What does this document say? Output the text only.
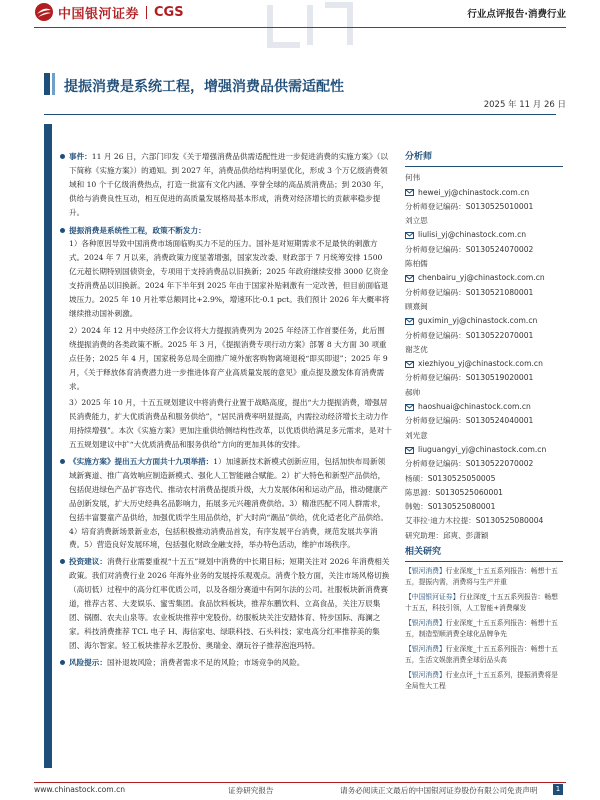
中国银河证券 CGS	行业点评报告·消费行业
提振消费是系统工程，增强消费品供需适配性
2025 年 11 月 26 日
事件：11 月 26 日，六部门印发《关于增强消费品供需适配性进一步促进消费的实施方案》（以下简称《实施方案》）的通知。到 2027 年，消费品供给结构明显优化，形成 3 个万亿级消费领域和 10 个千亿级消费热点，打造一批富有文化内涵、享誉全球的高品质消费品；到 2030 年，供给与消费良性互动，相互促进的高质量发展格局基本形成，消费对经济增长的贡献率稳步提升。
提振消费是系统性工程，政策不断发力：

1）各种原因导致中国消费市场面临购买力不足的压力。国补是对短期需求不足最快的刺激方式。2024 年 7 月以来，消费政策力度显著增强，国家发改委、财政部于 7 月统筹安排 1500 亿元超长期特别国债资金，专项用于支持消费品以旧换新；2025 年政府继续安排 3000 亿资金支持消费品以旧换新。2024 年下半年到 2025 年由于国家补贴刺激有一定改善，但目前面临退坡压力。2025 年 10 月社零总额同比+2.9%，增速环比-0.1 pct。我们预计 2026 年大概率将继续推动国补刺激。

2）2024 年 12 月中央经济工作会议将大力提振消费列为 2025 年经济工作首要任务，此后围绕提振消费的各类政策不断。2025 年 3 月，《提振消费专项行动方案》部署 8 大方面 30 项重点任务；2025 年 4 月，国家税务总局全面推广境外旅客购物离境退税“即买即退”；2025 年 9 月，《关于释放体育消费潜力进一步推进体育产业高质量发展的意见》重点提及激发体育消费需求。

3）2025 年 10 月，十五五规划建议中将消费行业置于战略高度，提出“大力提振消费，增强居民消费能力，扩大优质消费品和服务供给”，“居民消费率明显提高，内需拉动经济增长主动力作用持续增强”。本次《实施方案》更加注重供给侧结构性改革，以优质供给满足多元需求，是对十五五规划建议中扩“大优质消费品和服务供给”方向的更加具体的安排。

《实施方案》提出五大方面共十九项举措：1）加速新技术新模式创新应用，包括加快布局新领域新赛道、推广高效响应制造新模式、强化人工智能融合赋能。2）扩大特色和新型产品供给，包括促进绿色产品扩容迭代、推动农村消费品提质升级，大力发展体闲和运动产品，推动健康产品创新发展，扩大历史经典名品影响力，拓展多元兴趣消费供给。3）精准匹配不同人群需求，包括丰富婴童产品供给，加强优质学生用品供给，扩大时尚“潮品”供给，优化适老化产品供给。4）培育消费新场景新业态，包括积极推动消费品首发，有序发展平台消费，规范发展共享消费。5）营造良好发展环境，包括强化财政金融支持，举办特色活动，维护市场秩序。
投资建议：消费行业需要重视“十五五”规划中消费的中长期目标；短期关注对 2026 年消费相关政策。我们对消费行业 2026 年海外业务的发展持乐观观点。消费个股方面，关注市场风格切换（高切低）过程中的高分红率优质公司，以及各细分赛道中有阿尔法的公司。社服板块新消费赛道，推荐古茗、大麦娱乐、蜜雪集团。食品饮料板块，推荐东鹏饮料、立高食品，关注万辰集团、锅圈、农夫山泉等。农业板块推荐中宠股份。纺服板块关注安踏体育、特步国际、海澜之家。科技消费推荐 TCL 电子 H、海信家电、绿联科技、石头科技；家电高分红率推荐美的集团、海尔智家。轻工板块推荐永艺股份、奥瑞金、潮玩谷子推荐泡泡玛特。
风险提示：国补退坡风险；消费者需求不足的风险；市场竞争的风险。
分析师
何伟
hewei_yj@chinastock.com.cn
分析师登记编码：S0130525010001
刘立思
liulisi_yj@chinastock.com.cn
分析师登记编码：S0130524070002
陈柏儒
chenbairu_yj@chinastock.com.cn
分析师登记编码：S0130521080001
顾熹闽
guximin_yj@chinastock.com.cn
分析师登记编码：S0130522070001
谢芝优
xiezhiyou_yj@chinastock.com.cn
分析师登记编码：S0130519020001
郝帅
haoshuai@chinastock.com.cn
分析师登记编码：S0130524040001
刘光意
liuguangyi_yj@chinastock.com.cn
分析师登记编码：S0130522070002
杨硕：S0130525050005
陈思源：S0130525060001
韩勉：S0130525080001
艾菲拉·迪力木拉提：S0130525080004
研究助理：邱爽、彭潇颖
相关研究
【银河消费】行业深度_十五五系列报告：畅想十五五，提振内需，消费将与生产并重
【中国银河证券】行业深度_十五五系列报告：畅想十五五，科技引领，人工智能+消费爆发
【银河消费】行业深度_十五五系列报告：畅想十五五，制造型顺消费全球化品牌争先
【银河消费】行业深度_十五五系列报告：畅想十五五，生活文娱旅消费全球衍品头高
【银河消费】行业点评_十五五系列，提振消费将是全局性大工程
www.chinastock.com.cn	证券研究报告	请务必阅读正文最后的中国银河证券股份有限公司免责声明	1
